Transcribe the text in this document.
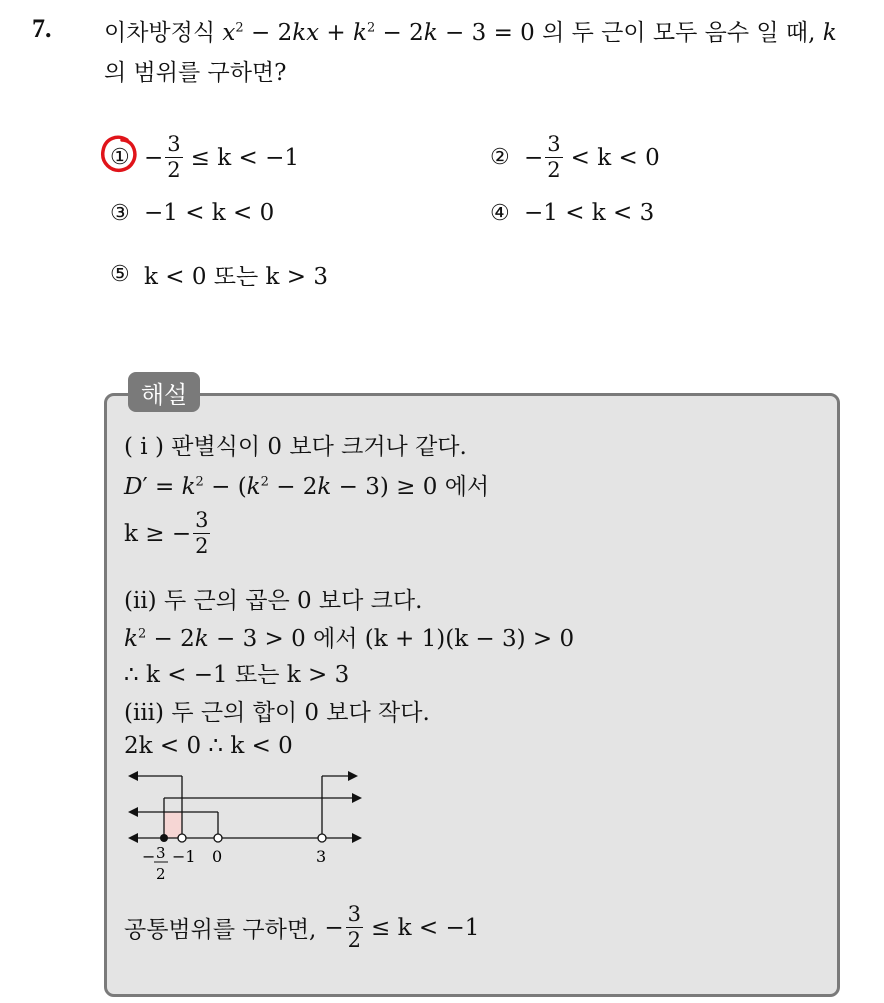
7. 이차방정식 $x^2 - 2kx + k^2 - 2k - 3 = 0$ 의 두 근이 모두 음수 일 때, k
의 범위를 구하면?
① − $\frac{3}{2} \le k < -1$	② − $\frac{3}{2} < k < 0$
③ −1 < k < 0	④ −1 < k < 3
⑤ k < 0 또는 k > 3
해설
( i ) 판별식이 0 보다 크거나 같다.
$D' = k^2 - (k^2 - 2k - 3) \ge 0$ 에서
k ≥ − $\frac{3}{2}$
(ii) 두 근의 곱은 0 보다 크다.
$k^2 - 2k - 3 > 0$ 에서 (k + 1)(k − 3) > 0
∴ k < −1 또는 k > 3
(iii) 두 근의 합이 0 보다 작다.
2k < 0 ∴ k < 0
− 3
2
−1 0	3
공통범위를 구하면, − $\frac{3}{2} \le k < -1$
